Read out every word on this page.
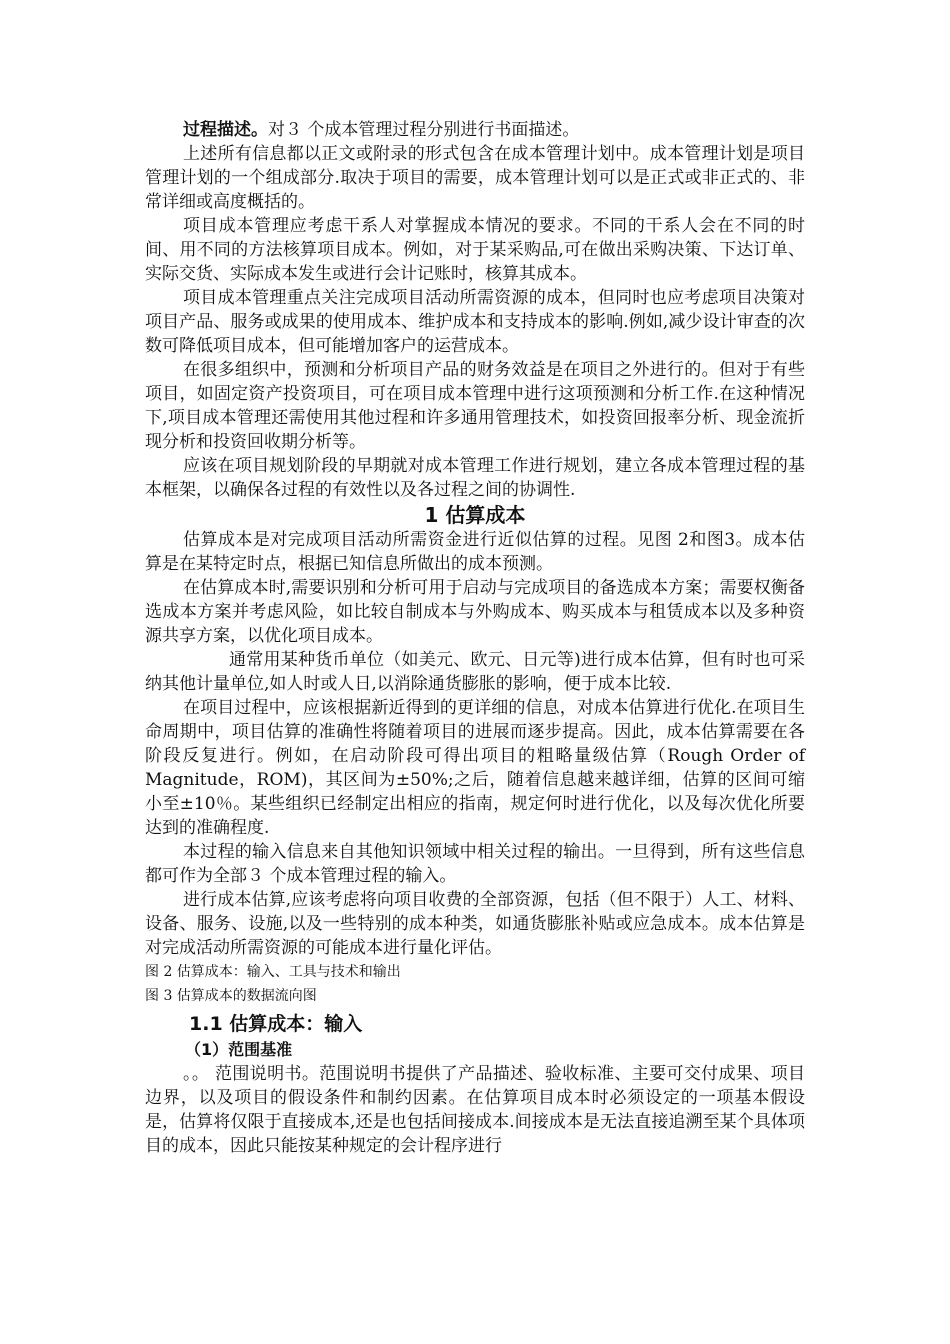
过程描述。对３ 个成本管理过程分别进行书面描述。

上述所有信息都以正文或附录的形式包含在成本管理计划中。成本管理计划是项目管理计划的一个组成部分.取决于项目的需要，成本管理计划可以是正式或非正式的、非常详细或高度概括的。

项目成本管理应考虑干系人对掌握成本情况的要求。不同的干系人会在不同的时间、用不同的方法核算项目成本。例如，对于某采购品,可在做出采购决策、下达订单、实际交货、实际成本发生或进行会计记账时，核算其成本。

项目成本管理重点关注完成项目活动所需资源的成本，但同时也应考虑项目决策对项目产品、服务或成果的使用成本、维护成本和支持成本的影响.例如,减少设计审查的次数可降低项目成本，但可能增加客户的运营成本。

在很多组织中，预测和分析项目产品的财务效益是在项目之外进行的。但对于有些项目，如固定资产投资项目，可在项目成本管理中进行这项预测和分析工作.在这种情况下,项目成本管理还需使用其他过程和许多通用管理技术，如投资回报率分析、现金流折现分析和投资回收期分析等。

应该在项目规划阶段的早期就对成本管理工作进行规划，建立各成本管理过程的基本框架，以确保各过程的有效性以及各过程之间的协调性.

1 估算成本

估算成本是对完成项目活动所需资金进行近似估算的过程。见图 2和图3。成本估算是在某特定时点，根据已知信息所做出的成本预测。

在估算成本时,需要识别和分析可用于启动与完成项目的备选成本方案；需要权衡备选成本方案并考虑风险，如比较自制成本与外购成本、购买成本与租赁成本以及多种资源共享方案，以优化项目成本。

通常用某种货币单位（如美元、欧元、日元等)进行成本估算，但有时也可采纳其他计量单位,如人时或人日,以消除通货膨胀的影响，便于成本比较.

在项目过程中，应该根据新近得到的更详细的信息，对成本估算进行优化.在项目生命周期中，项目估算的准确性将随着项目的进展而逐步提高。因此，成本估算需要在各阶段反复进行。例如，在启动阶段可得出项目的粗略量级估算（Rough Order of Magnitude，ROM)，其区间为±50%;之后，随着信息越来越详细，估算的区间可缩小至±10％。某些组织已经制定出相应的指南，规定何时进行优化，以及每次优化所要达到的准确程度.

本过程的输入信息来自其他知识领域中相关过程的输出。一旦得到，所有这些信息都可作为全部３ 个成本管理过程的输入。

进行成本估算,应该考虑将向项目收费的全部资源，包括（但不限于）人工、材料、设备、服务、设施,以及一些特别的成本种类，如通货膨胀补贴或应急成本。成本估算是对完成活动所需资源的可能成本进行量化评估。

图 2 估算成本：输入、工具与技术和输出

图 3 估算成本的数据流向图

1.1 估算成本：输入
（1）范围基准

。。 范围说明书。范围说明书提供了产品描述、验收标准、主要可交付成果、项目边界，以及项目的假设条件和制约因素。在估算项目成本时必须设定的一项基本假设是，估算将仅限于直接成本,还是也包括间接成本.间接成本是无法直接追溯至某个具体项目的成本，因此只能按某种规定的会计程序进行
